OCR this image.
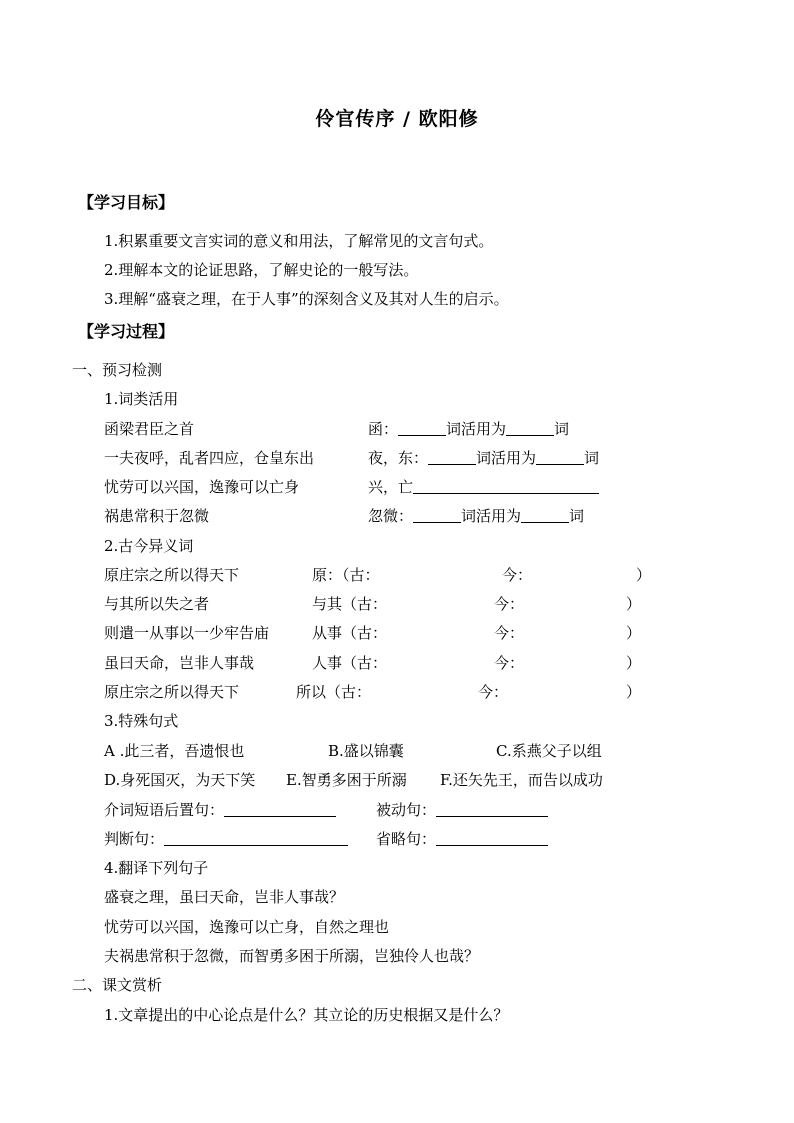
伶官传序 / 欧阳修
【学习目标】
1.积累重要文言实词的意义和用法，了解常见的文言句式。
2.理解本文的论证思路，了解史论的一般写法。
3.理解“盛衰之理，在于人事”的深刻含义及其对人生的启示。
【学习过程】
一、预习检测
1.词类活用
函梁君臣之首	函：	词活用为	词
一夫夜呼，乱者四应，仓皇东出	夜，东：	词活用为	词
忧劳可以兴国，逸豫可以亡身	兴，亡
祸患常积于忽微	忽微：	词活用为	词
2.古今异义词
原庄宗之所以得天下	原：（古：	今：	）
与其所以失之者	与其（古：	今：	）
则遣一从事以一少牢告庙	从事（古：	今：	）
虽曰天命，岂非人事哉	人事（古：	今：	）
原庄宗之所以得天下	所以（古：	今：	）
3.特殊句式
A .此三者，吾遗恨也	B.盛以锦囊	C.系燕父子以组
D.身死国灭，为天下笑 E.智勇多困于所溺 F.还矢先王，而告以成功
介词短语后置句：	被动句：
判断句：	省略句：
4.翻译下列句子
盛衰之理，虽曰天命，岂非人事哉？
忧劳可以兴国，逸豫可以亡身，自然之理也
夫祸患常积于忽微，而智勇多困于所溺，岂独伶人也哉？
二、课文赏析
1.文章提出的中心论点是什么？其立论的历史根据又是什么？
